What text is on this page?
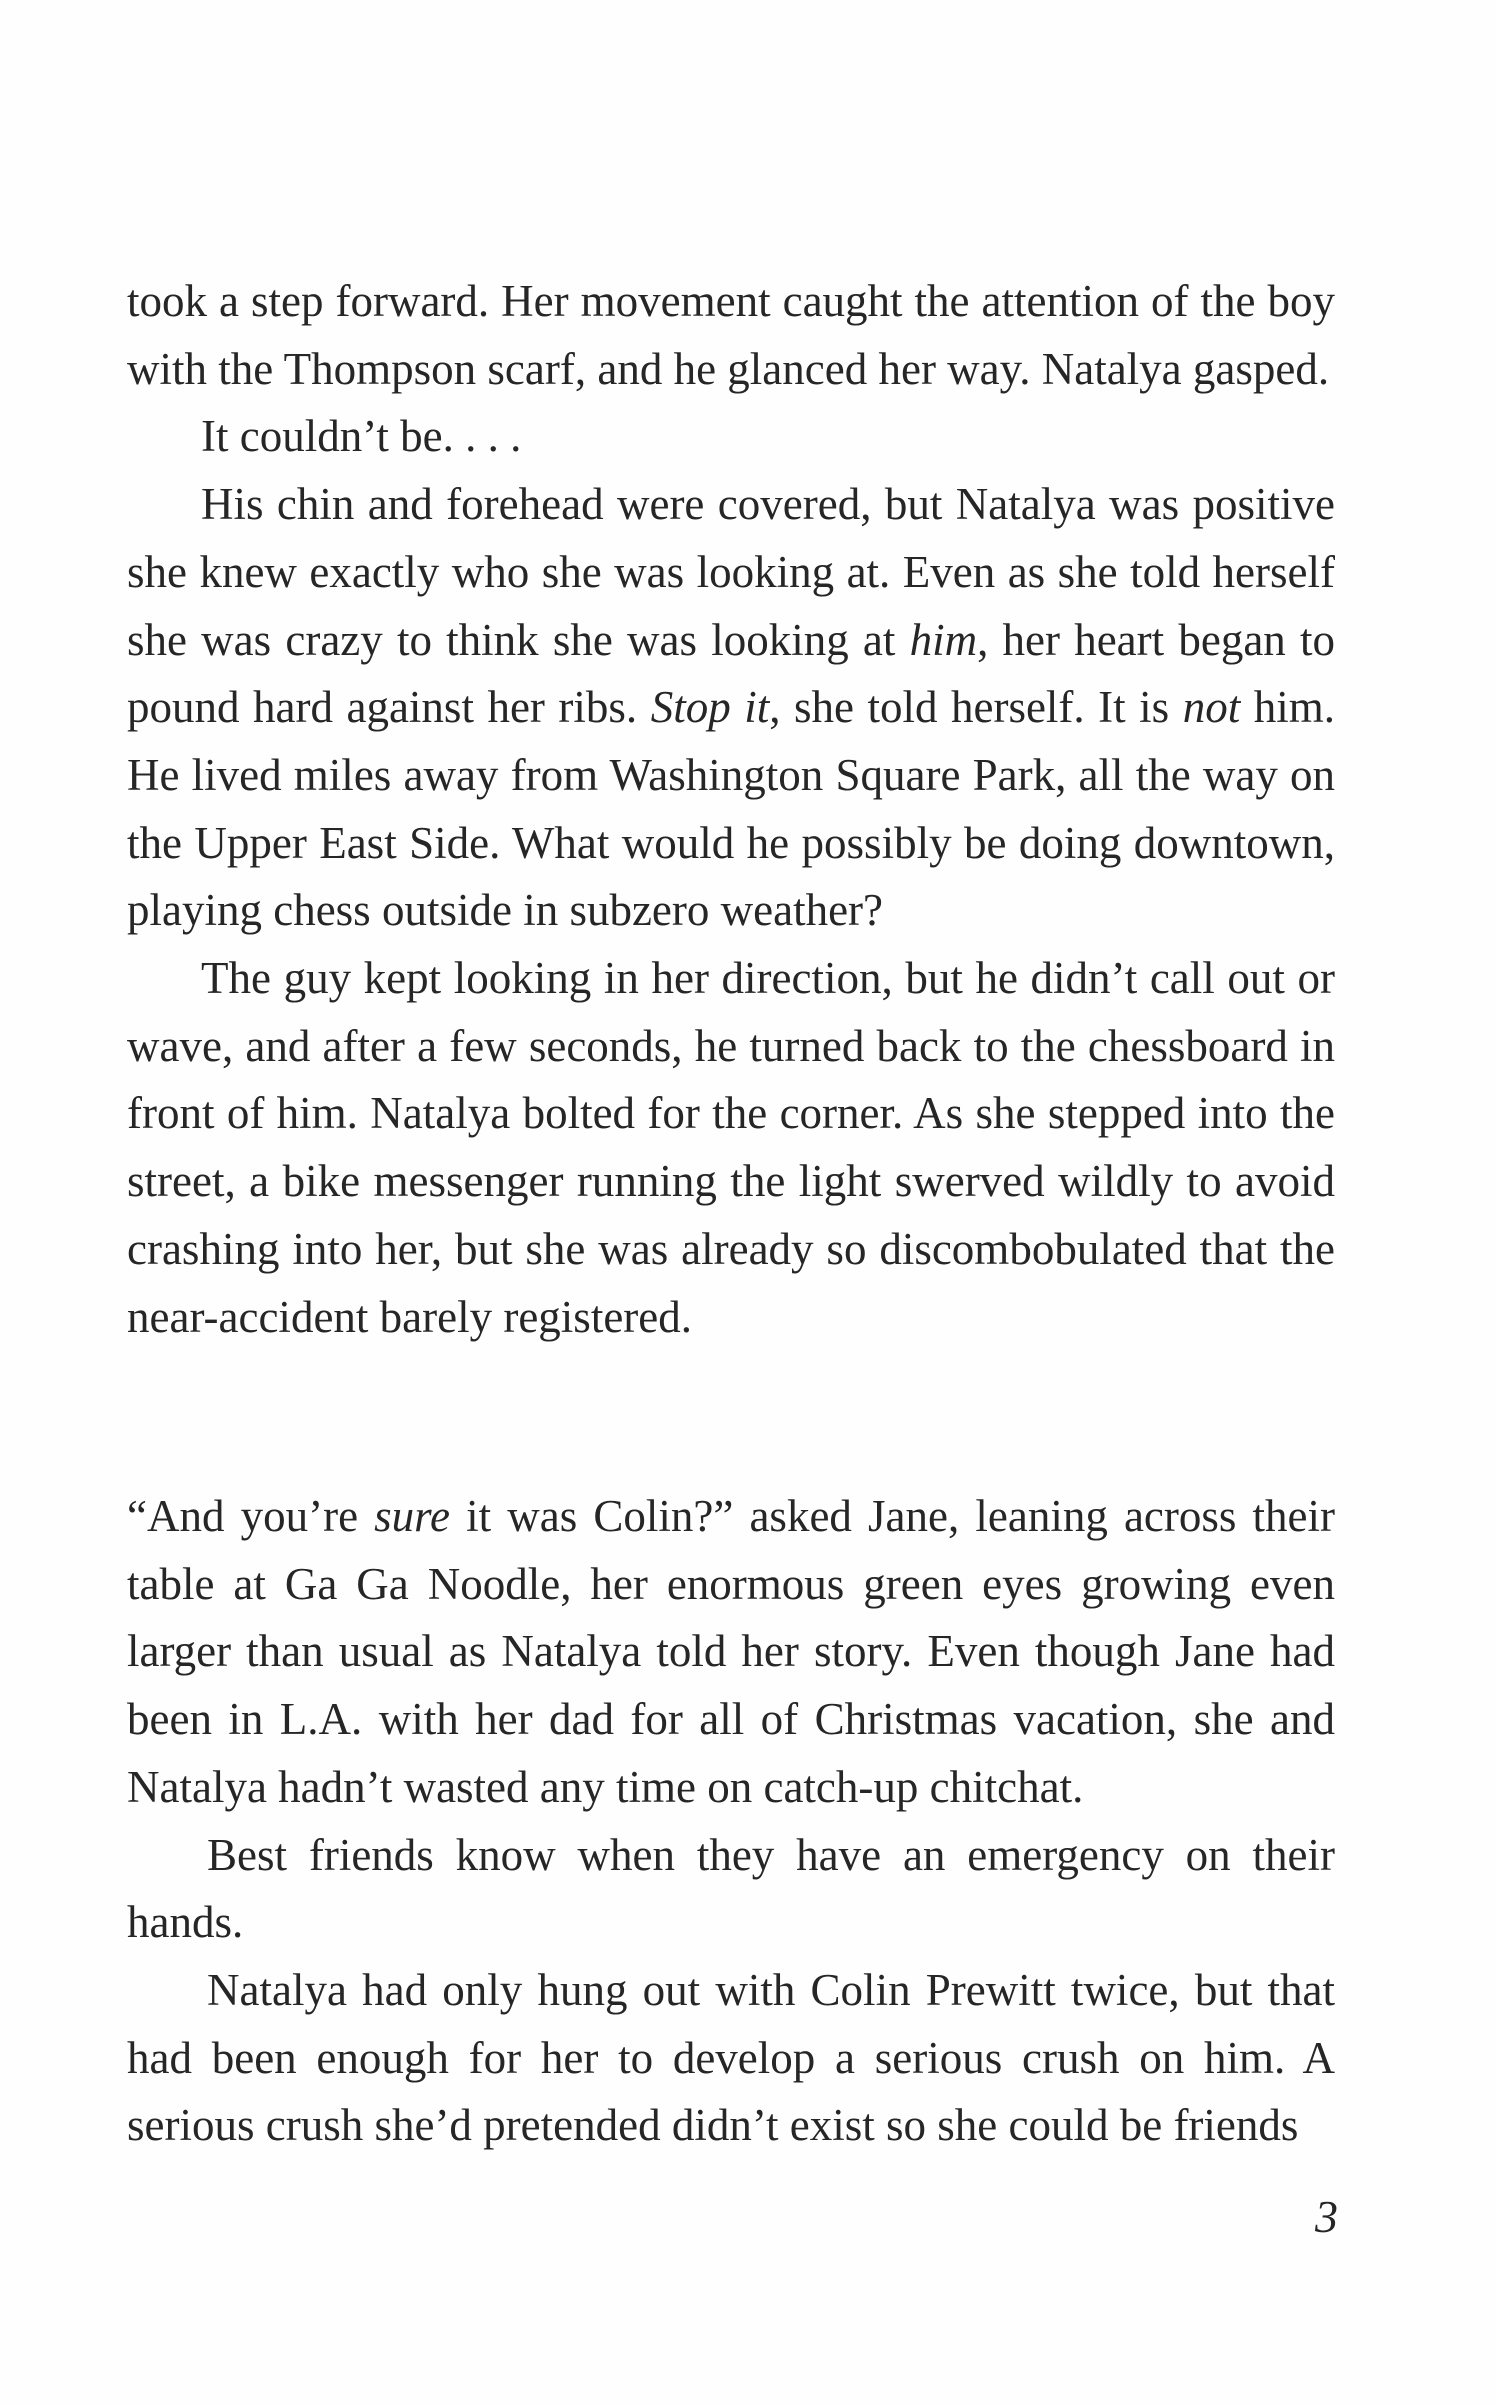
took a step forward. Her movement caught the attention of the boy with the Thompson scarf, and he glanced her way. Natalya gasped.

It couldn’t be. . . .

His chin and forehead were covered, but Natalya was positive she knew exactly who she was looking at. Even as she told herself she was crazy to think she was looking at him, her heart began to pound hard against her ribs. Stop it, she told herself. It is not him. He lived miles away from Washington Square Park, all the way on the Upper East Side. What would he possibly be doing downtown, playing chess outside in subzero weather?

The guy kept looking in her direction, but he didn’t call out or wave, and after a few seconds, he turned back to the chessboard in front of him. Natalya bolted for the corner. As she stepped into the street, a bike messenger running the light swerved wildly to avoid crashing into her, but she was already so discombobulated that the near-accident barely registered.

“And you’re sure it was Colin?” asked Jane, leaning across their table at Ga Ga Noodle, her enormous green eyes growing even larger than usual as Natalya told her story. Even though Jane had been in L.A. with her dad for all of Christmas vacation, she and Natalya hadn’t wasted any time on catch-up chitchat.

Best friends know when they have an emergency on their hands.

Natalya had only hung out with Colin Prewitt twice, but that had been enough for her to develop a serious crush on him. A serious crush she’d pretended didn’t exist so she could be friends

3
